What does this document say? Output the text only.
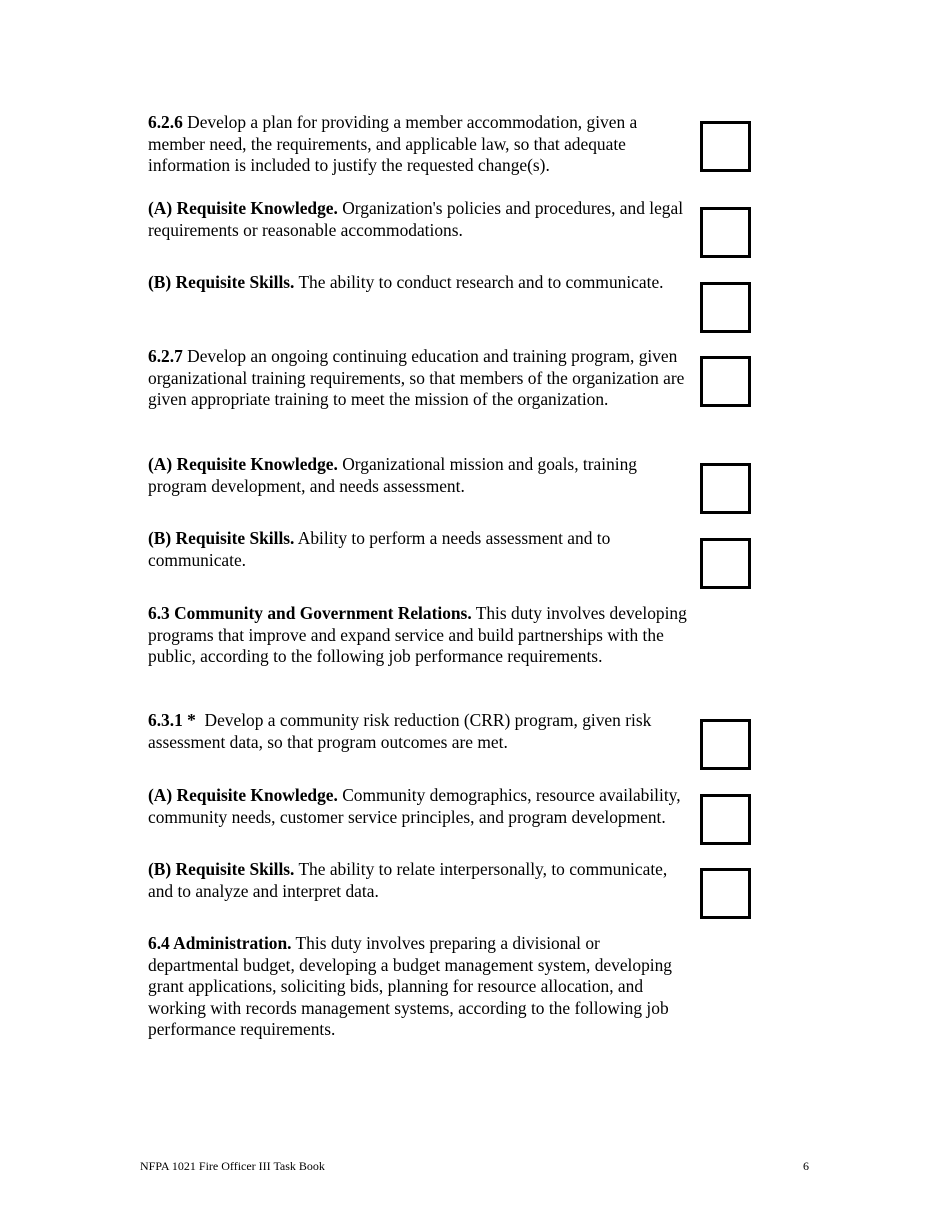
6.2.6 Develop a plan for providing a member accommodation, given a member need, the requirements, and applicable law, so that adequate information is included to justify the requested change(s).

(A) Requisite Knowledge. Organization's policies and procedures, and legal requirements or reasonable accommodations.

(B) Requisite Skills. The ability to conduct research and to communicate.

6.2.7 Develop an ongoing continuing education and training program, given organizational training requirements, so that members of the organization are given appropriate training to meet the mission of the organization.

(A) Requisite Knowledge. Organizational mission and goals, training program development, and needs assessment.

(B) Requisite Skills. Ability to perform a needs assessment and to communicate.

6.3 Community and Government Relations. This duty involves developing programs that improve and expand service and build partnerships with the public, according to the following job performance requirements.

6.3.1 *  Develop a community risk reduction (CRR) program, given risk assessment data, so that program outcomes are met.

(A) Requisite Knowledge. Community demographics, resource availability, community needs, customer service principles, and program development.

(B) Requisite Skills. The ability to relate interpersonally, to communicate, and to analyze and interpret data.

6.4 Administration. This duty involves preparing a divisional or departmental budget, developing a budget management system, developing grant applications, soliciting bids, planning for resource allocation, and working with records management systems, according to the following job performance requirements.

NFPA 1021 Fire Officer III Task Book	6
